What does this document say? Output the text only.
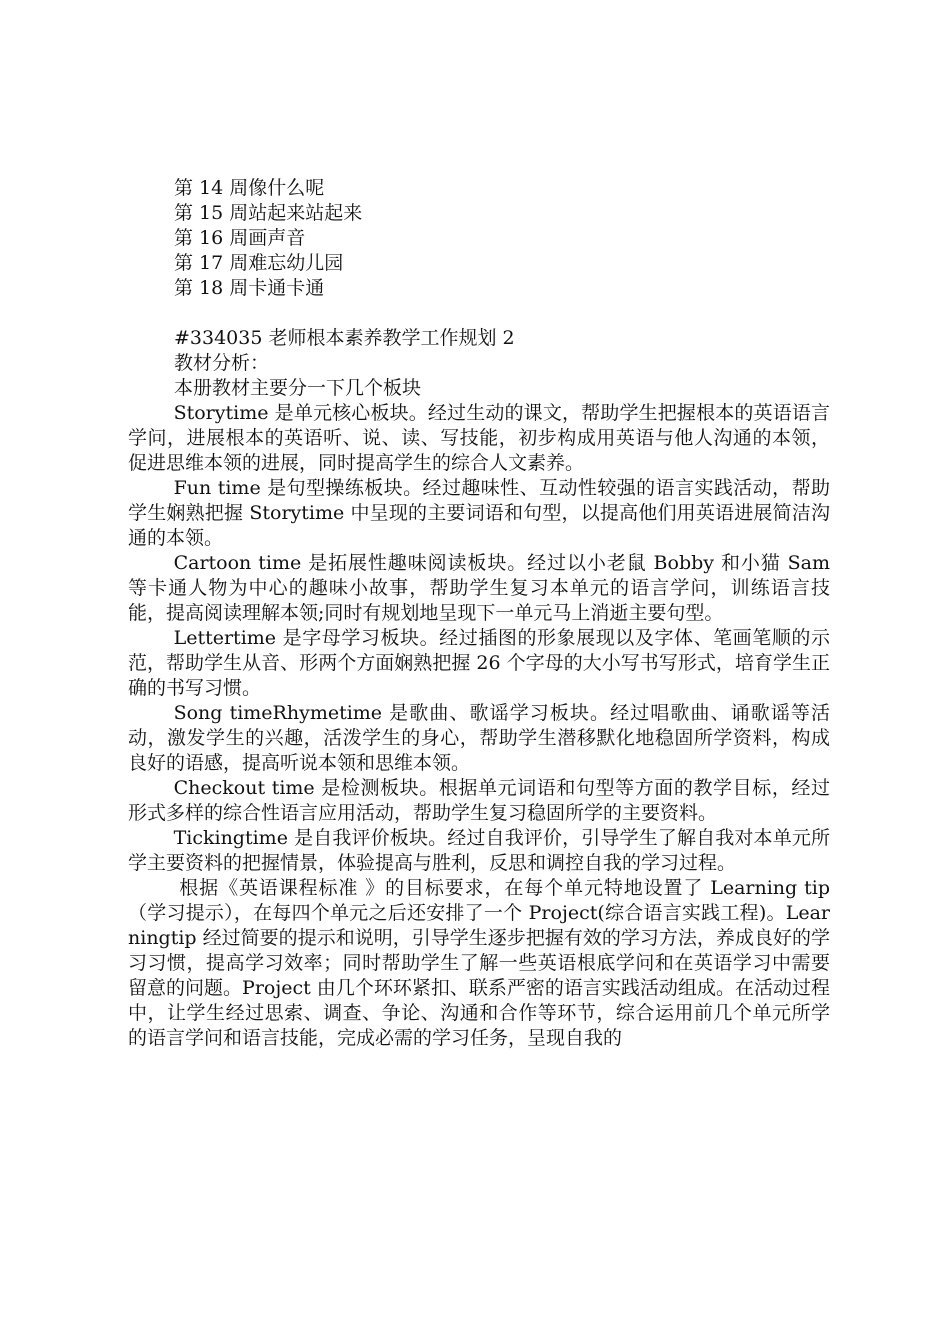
第 14 周像什么呢
第 15 周站起来站起来
第 16 周画声音
第 17 周难忘幼儿园
第 18 周卡通卡通
#334035 老师根本素养教学工作规划 2
教材分析：
本册教材主要分一下几个板块

Storytime 是单元核心板块。经过生动的课文，帮助学生把握根本的英语语言学问，进展根本的英语听、说、读、写技能，初步构成用英语与他人沟通的本领，促进思维本领的进展，同时提高学生的综合人文素养。

Fun time 是句型操练板块。经过趣味性、互动性较强的语言实践活动，帮助学生娴熟把握 Storytime 中呈现的主要词语和句型，以提高他们用英语进展简洁沟通的本领。

Cartoon time 是拓展性趣味阅读板块。经过以小老鼠 Bobby 和小猫 Sam 等卡通人物为中心的趣味小故事，帮助学生复习本单元的语言学问，训练语言技能，提高阅读理解本领;同时有规划地呈现下一单元马上消逝主要句型。

Lettertime 是字母学习板块。经过插图的形象展现以及字体、笔画笔顺的示范，帮助学生从音、形两个方面娴熟把握 26 个字母的大小写书写形式，培育学生正确的书写习惯。

Song timeRhymetime 是歌曲、歌谣学习板块。经过唱歌曲、诵歌谣等活动，激发学生的兴趣，活泼学生的身心，帮助学生潜移默化地稳固所学资料，构成良好的语感，提高听说本领和思维本领。

Checkout time 是检测板块。根据单元词语和句型等方面的教学目标，经过形式多样的综合性语言应用活动，帮助学生复习稳固所学的主要资料。

Tickingtime 是自我评价板块。经过自我评价，引导学生了解自我对本单元所学主要资料的把握情景，体验提高与胜利，反思和调控自我的学习过程。

根据《英语课程标准 》的目标要求，在每个单元特地设置了 Learning tip （学习提示），在每四个单元之后还安排了一个 Project(综合语言实践工程)。Learningtip 经过简要的提示和说明，引导学生逐步把握有效的学习方法，养成良好的学习习惯，提高学习效率；同时帮助学生了解一些英语根底学问和在英语学习中需要留意的问题。Project 由几个环环紧扣、联系严密的语言实践活动组成。在活动过程中，让学生经过思索、调查、争论、沟通和合作等环节，综合运用前几个单元所学的语言学问和语言技能，完成必需的学习任务，呈现自我的
